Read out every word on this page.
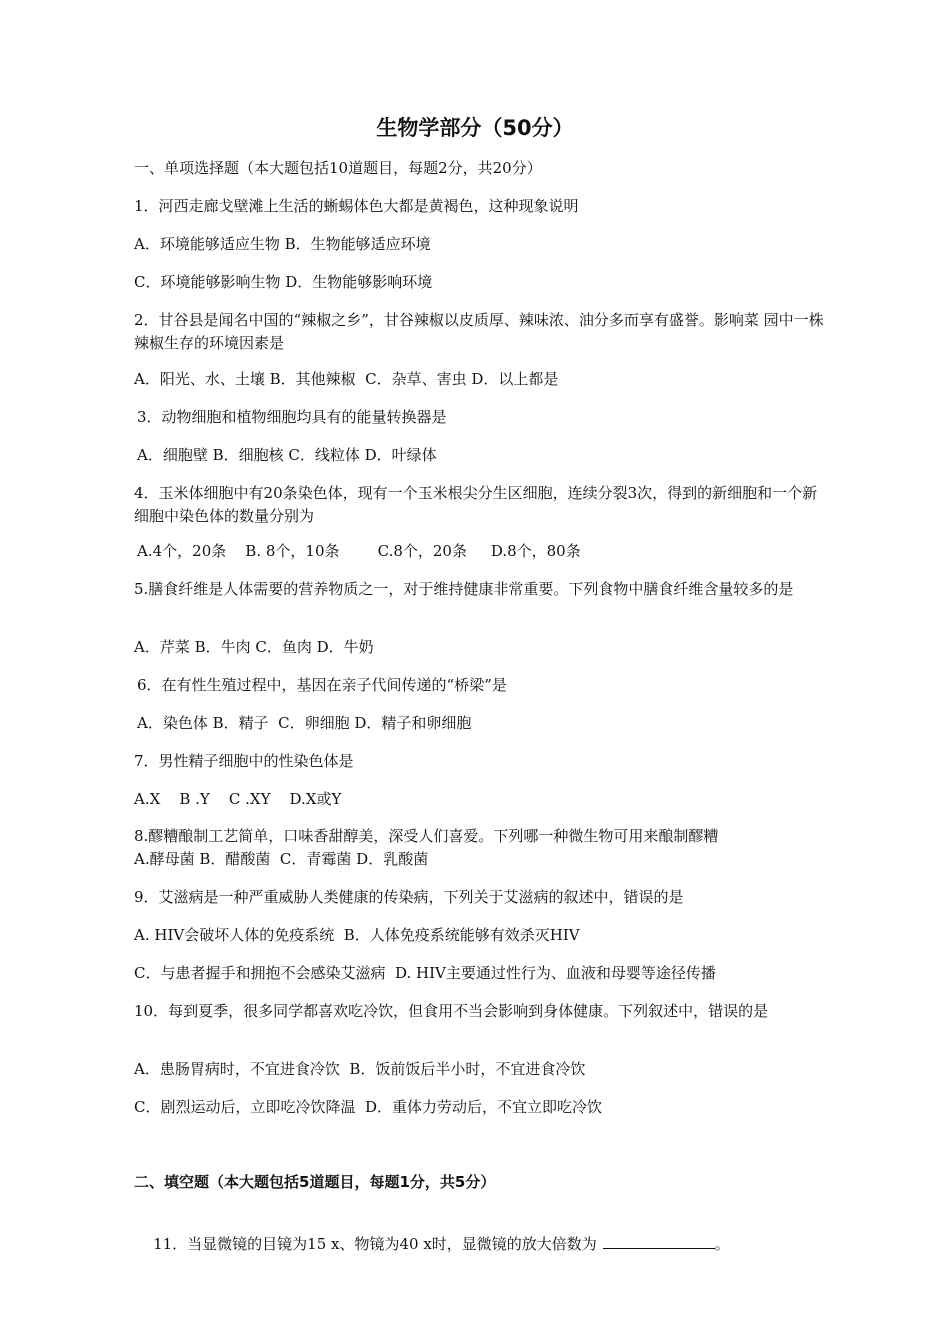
生物学部分（50分）
一、单项选择题（本大题包括10道题目，每题2分，共20分）
1．河西走廊戈壁滩上生活的蜥蜴体色大都是黄褐色，这种现象说明
A．环境能够适应生物 B．生物能够适应环境
C．环境能够影响生物 D．生物能够影响环境
2．甘谷县是闻名中国的“辣椒之乡”，甘谷辣椒以皮质厚、辣味浓、油分多而享有盛誉。影响菜 园中一株辣椒生存的环境因素是
A．阳光、水、土壤 B．其他辣椒  C．杂草、害虫 D．以上都是
3．动物细胞和植物细胞均具有的能量转换器是
A．细胞壁 B．细胞核 C．线粒体 D．叶绿体
4．玉米体细胞中有20条染色体，现有一个玉米根尖分生区细胞，连续分裂3次，得到的新细胞和一个新细胞中染色体的数量分别为
A.4个，20条    B. 8个，10条        C.8个，20条     D.8个，80条
5.膳食纤维是人体需要的营养物质之一，对于维持健康非常重要。下列食物中膳食纤维含量较多的是
A．芹菜 B．牛肉 C．鱼肉 D．牛奶
6．在有性生殖过程中，基因在亲子代间传递的“桥梁”是
A．染色体 B．精子  C．卵细胞 D．精子和卵细胞
7．男性精子细胞中的性染色体是
A.X    B .Y    C .XY    D.X或Y
8.醪糟酿制工艺简单，口味香甜醇美，深受人们喜爱。下列哪一种微生物可用来酿制醪糟
A.酵母菌 B．醋酸菌  C．青霉菌 D．乳酸菌
9．艾滋病是一种严重威胁人类健康的传染病，下列关于艾滋病的叙述中，错误的是
A. HIV会破坏人体的免疫系统  B．人体免疫系统能够有效杀灭HIV
C．与患者握手和拥抱不会感染艾滋病  D. HIV主要通过性行为、血液和母婴等途径传播
10．每到夏季，很多同学都喜欢吃冷饮，但食用不当会影响到身体健康。下列叙述中，错误的是
A．患肠胃病时，不宜进食冷饮  B．饭前饭后半小时，不宜进食冷饮
C．剧烈运动后，立即吃冷饮降温  D．重体力劳动后，不宜立即吃冷饮
二、填空题（本大题包括5道题目，每题1分，共5分）

11．当显微镜的目镜为15 x、物镜为40 x时，显微镜的放大倍数为	。
